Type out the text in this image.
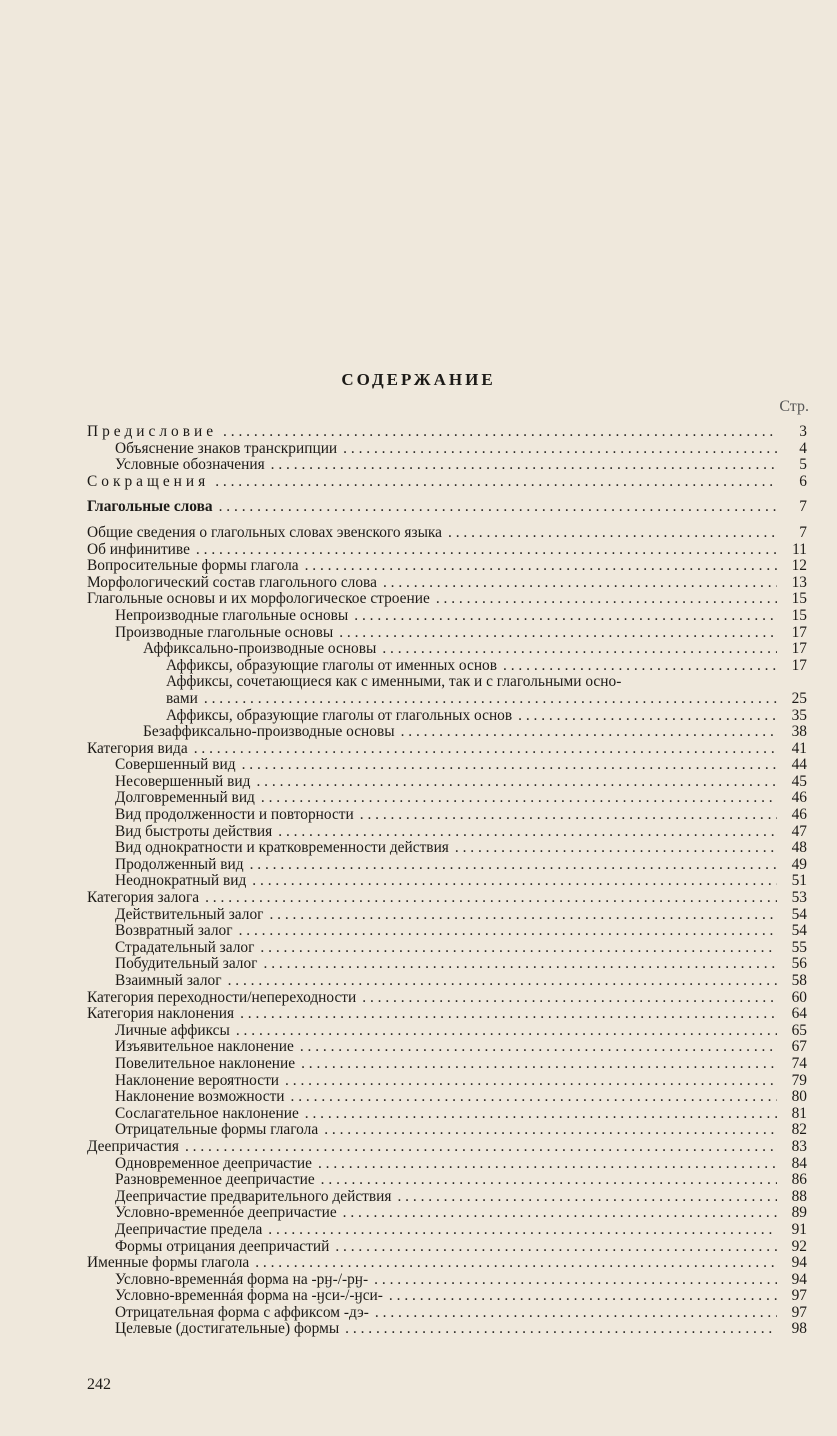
СОДЕРЖАНИЕ
Стр.
Предисловие . . .	3
Объяснение знаков транскрипции . . .	4
Условные обозначения . . .	5
Сокращения . . .	6
Глагольные слова . . .	7
Общие сведения о глагольных словах эвенского языка . . .	7
Об инфинитиве . . .	11
Вопросительные формы глагола . . .	12
Морфологический состав глагольного слова . . .	13
Глагольные основы и их морфологическое строение . . .	15
Непроизводные глагольные основы . . .	15
Производные глагольные основы . . .	17
Аффиксально-производные основы . . .	17
Аффиксы, образующие глаголы от именных основ . . .	17
Аффиксы, сочетающиеся как с именными, так и с глагольными осно-
вами . . .	25
Аффиксы, образующие глаголы от глагольных основ . . .	35
Безаффиксально-производные основы . . .	38
Категория вида . . .	41
Совершенный вид . . .	44
Несовершенный вид . . .	45
Долговременный вид . . .	46
Вид продолженности и повторности . . .	46
Вид быстроты действия . . .	47
Вид однократности и кратковременности действия . . .	48
Продолженный вид . . .	49
Неоднократный вид . . .	51
Категория залога . . .	53
Действительный залог . . .	54
Возвратный залог . . .	54
Страдательный залог . . .	55
Побудительный залог . . .	56
Взаимный залог . . .	58
Категория переходности/непереходности . . .	60
Категория наклонения . . .	64
Личные аффиксы . . .	65
Изъявительное наклонение . . .	67
Повелительное наклонение . . .	74
Наклонение вероятности . . .	79
Наклонение возможности . . .	80
Сослагательное наклонение . . .	81
Отрицательные формы глагола . . .	82
Деепричастия . . .	83
Одновременное деепричастие . . .	84
Разновременное деепричастие . . .	86
Деепричастие предварительного действия . . .	88
Условно-временнóе деепричастие . . .	89
Деепричастие предела . . .	91
Формы отрицания деепричастий . . .	92
Именные формы глагола . . .	94
Условно-временнáя форма на -рӈ-/-рӈ- . . .	94
Условно-временнáя форма на -ӈси-/-ӈси- . . .	97
Отрицательная форма с аффиксом -дэ- . . .	97
Целевые (достигательные) формы . . .	98
242
